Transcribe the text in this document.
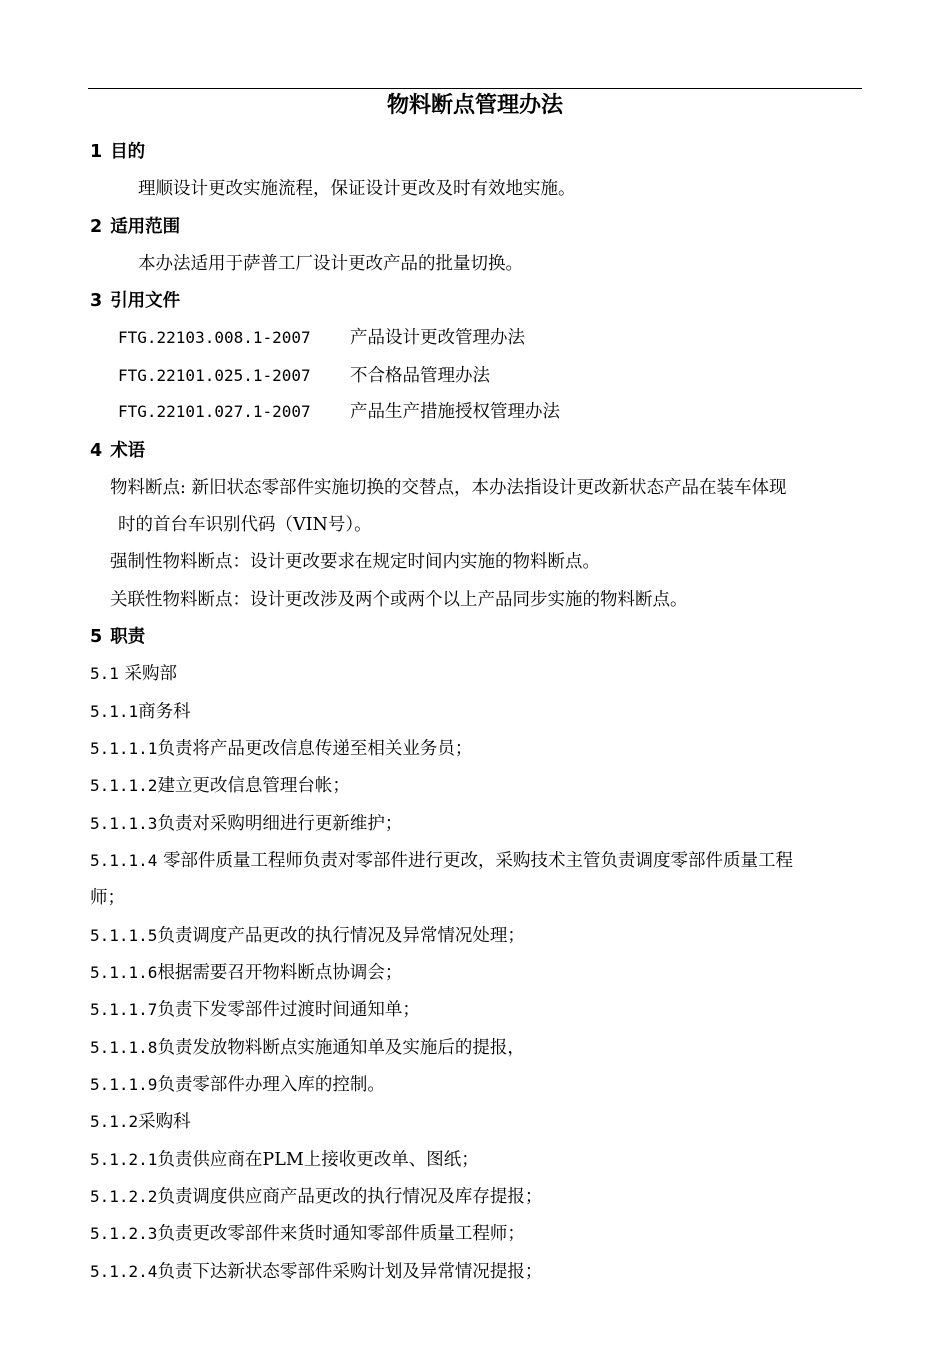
物料断点管理办法
1 目的

理顺设计更改实施流程，保证设计更改及时有效地实施。

2 适用范围

本办法适用于萨普工厂设计更改产品的批量切换。

3 引用文件
FTG.22103.008.1-2007 产品设计更改管理办法
FTG.22101.025.1-2007 不合格品管理办法
FTG.22101.027.1-2007 产品生产措施授权管理办法
4 术语

物料断点: 新旧状态零部件实施切换的交替点，本办法指设计更改新状态产品在装车体现

时的首台车识别代码（VIN号）。

强制性物料断点：设计更改要求在规定时间内实施的物料断点。

关联性物料断点：设计更改涉及两个或两个以上产品同步实施的物料断点。

5 职责

5.1 采购部

5.1.1商务科

5.1.1.1负责将产品更改信息传递至相关业务员；

5.1.1.2建立更改信息管理台帐；

5.1.1.3负责对采购明细进行更新维护；

5.1.1.4 零部件质量工程师负责对零部件进行更改，采购技术主管负责调度零部件质量工程

师；

5.1.1.5负责调度产品更改的执行情况及异常情况处理；

5.1.1.6根据需要召开物料断点协调会；

5.1.1.7负责下发零部件过渡时间通知单；

5.1.1.8负责发放物料断点实施通知单及实施后的提报，

5.1.1.9负责零部件办理入库的控制。

5.1.2采购科

5.1.2.1负责供应商在PLM上接收更改单、图纸；

5.1.2.2负责调度供应商产品更改的执行情况及库存提报；

5.1.2.3负责更改零部件来货时通知零部件质量工程师；

5.1.2.4负责下达新状态零部件采购计划及异常情况提报；
